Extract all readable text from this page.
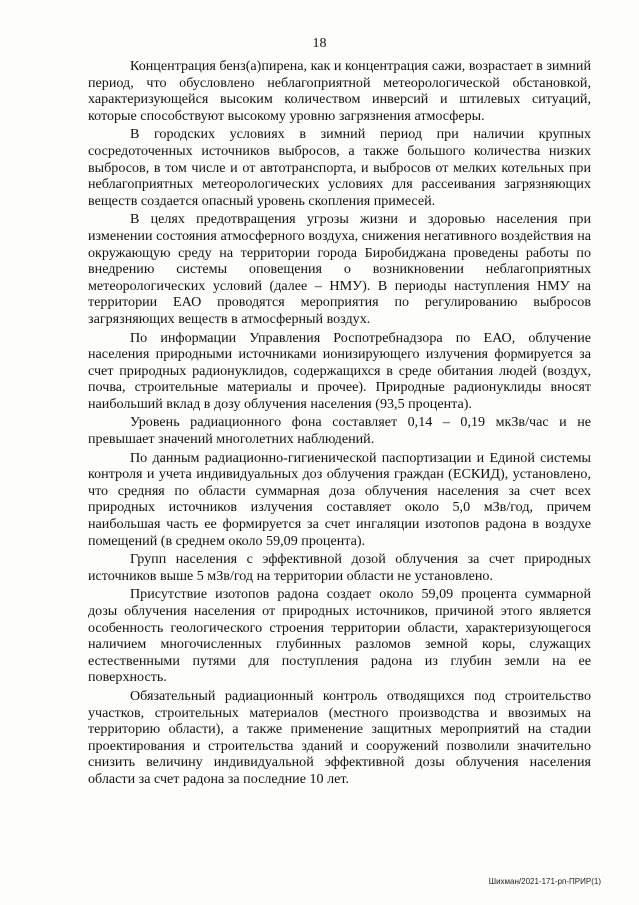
18

Концентрация бенз(а)пирена, как и концентрация сажи, возрастает в зимний период, что обусловлено неблагоприятной метеорологической обстановкой, характеризующейся высоким количеством инверсий и штилевых ситуаций, которые способствуют высокому уровню загрязнения атмосферы.

В городских условиях в зимний период при наличии крупных сосредоточенных источников выбросов, а также большого количества низких выбросов, в том числе и от автотранспорта, и выбросов от мелких котельных при неблагоприятных метеорологических условиях для рассеивания загрязняющих веществ создается опасный уровень скопления примесей.

В целях предотвращения угрозы жизни и здоровью населения при изменении состояния атмосферного воздуха, снижения негативного воздействия на окружающую среду на территории города Биробиджана проведены работы по внедрению системы оповещения о возникновении неблагоприятных метеорологических условий (далее – НМУ). В периоды наступления НМУ на территории ЕАО проводятся мероприятия по регулированию выбросов загрязняющих веществ в атмосферный воздух.

По информации Управления Роспотребнадзора по ЕАО, облучение населения природными источниками ионизирующего излучения формируется за счет природных радионуклидов, содержащихся в среде обитания людей (воздух, почва, строительные материалы и прочее). Природные радионуклиды вносят наибольший вклад в дозу облучения населения (93,5 процента).

Уровень радиационного фона составляет 0,14 – 0,19 мкЗв/час и не превышает значений многолетних наблюдений.

По данным радиационно-гигиенической паспортизации и Единой системы контроля и учета индивидуальных доз облучения граждан (ЕСКИД), установлено, что средняя по области суммарная доза облучения населения за счет всех природных источников излучения составляет около 5,0 мЗв/год, причем наибольшая часть ее формируется за счет ингаляции изотопов радона в воздухе помещений (в среднем около 59,09 процента).

Групп населения с эффективной дозой облучения за счет природных источников выше 5 мЗв/год на территории области не установлено.

Присутствие изотопов радона создает около 59,09 процента суммарной дозы облучения населения от природных источников, причиной этого является особенность геологического строения территории области, характеризующегося наличием многочисленных глубинных разломов земной коры, служащих естественными путями для поступления радона из глубин земли на ее поверхность.

Обязательный радиационный контроль отводящихся под строительство участков, строительных материалов (местного производства и ввозимых на территорию области), а также применение защитных мероприятий на стадии проектирования и строительства зданий и сооружений позволили значительно снизить величину индивидуальной эффективной дозы облучения населения области за счет радона за последние 10 лет.

Шихман/2021-171-рп-ПРИР(1)
